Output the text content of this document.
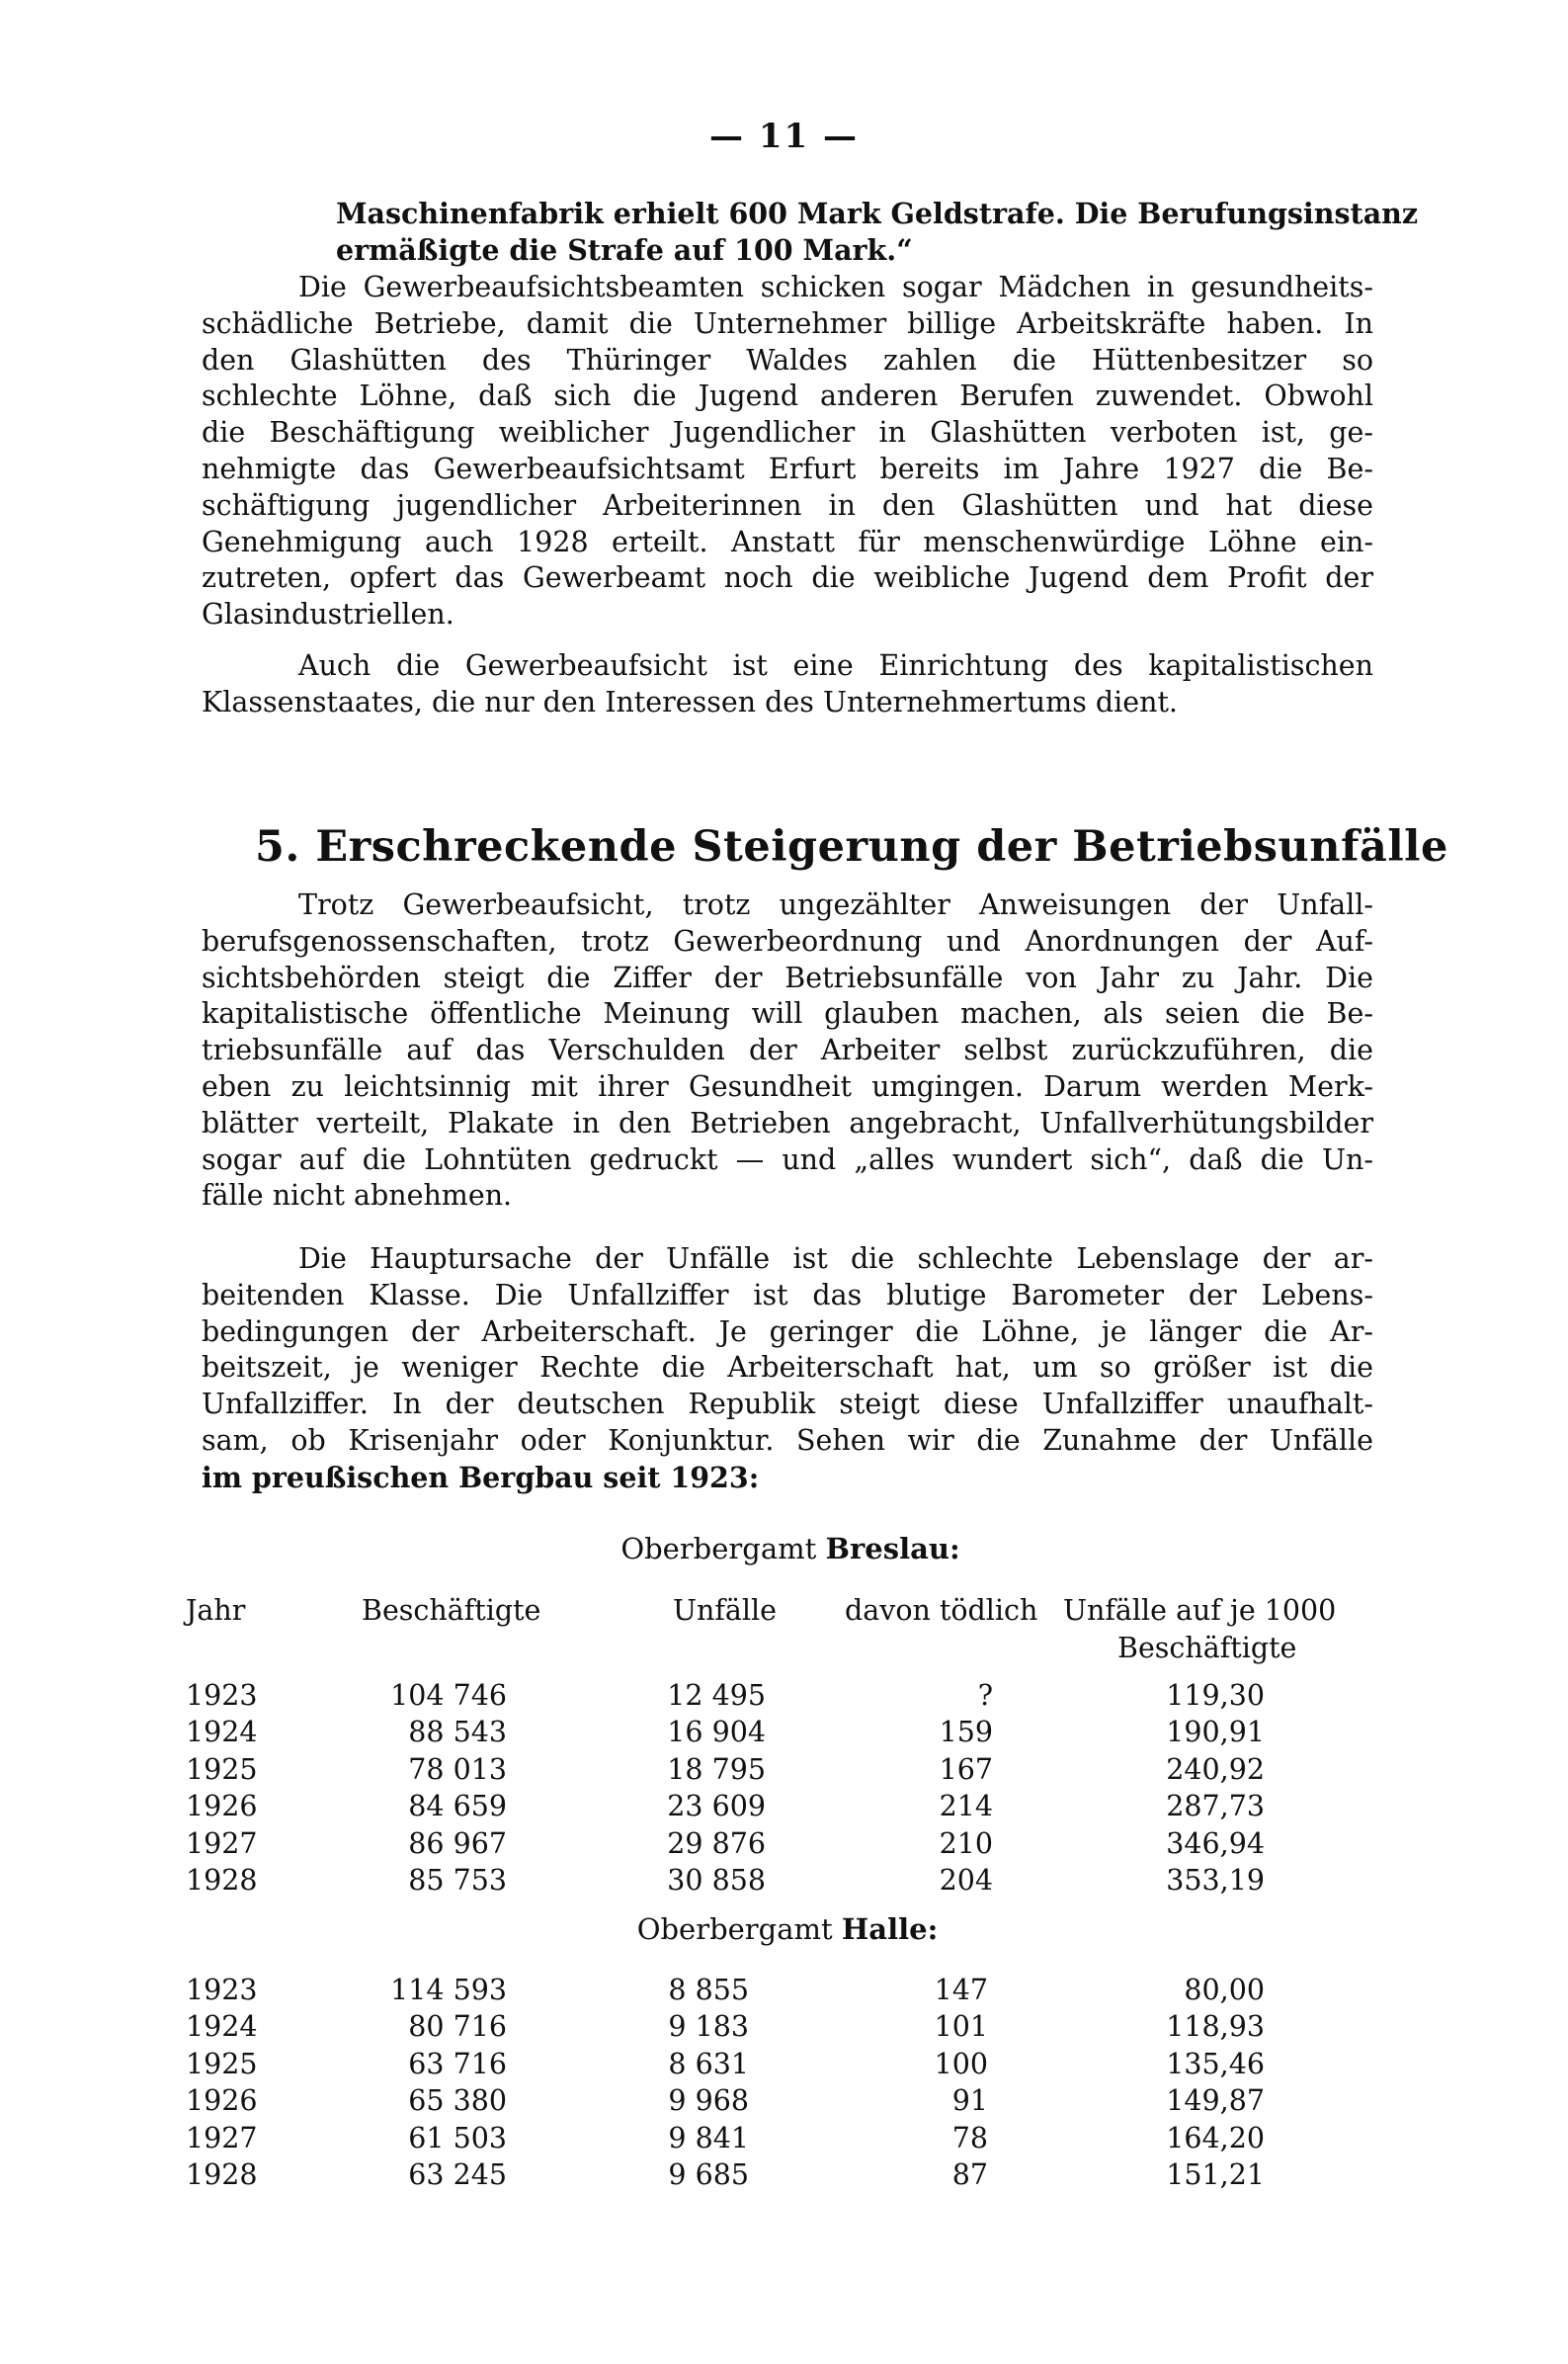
— 11 —
Maschinenfabrik erhielt 600 Mark Geldstrafe. Die Berufungsinstanz
ermäßigte die Strafe auf 100 Mark.“
Die Gewerbeaufsichtsbeamten schicken sogar Mädchen in gesundheits-
schädliche Betriebe, damit die Unternehmer billige Arbeitskräfte haben. In
den Glashütten des Thüringer Waldes zahlen die Hüttenbesitzer so
schlechte Löhne, daß sich die Jugend anderen Berufen zuwendet. Obwohl
die Beschäftigung weiblicher Jugendlicher in Glashütten verboten ist, ge-
nehmigte das Gewerbeaufsichtsamt Erfurt bereits im Jahre 1927 die Be-
schäftigung jugendlicher Arbeiterinnen in den Glashütten und hat diese
Genehmigung auch 1928 erteilt. Anstatt für menschenwürdige Löhne ein-
zutreten, opfert das Gewerbeamt noch die weibliche Jugend dem Profit der
Glasindustriellen.
Auch die Gewerbeaufsicht ist eine Einrichtung des kapitalistischen
Klassenstaates, die nur den Interessen des Unternehmertums dient.
5. Erschreckende Steigerung der Betriebsunfälle
Trotz Gewerbeaufsicht, trotz ungezählter Anweisungen der Unfall-
berufsgenossenschaften, trotz Gewerbeordnung und Anordnungen der Auf-
sichtsbehörden steigt die Ziffer der Betriebsunfälle von Jahr zu Jahr. Die
kapitalistische öffentliche Meinung will glauben machen, als seien die Be-
triebsunfälle auf das Verschulden der Arbeiter selbst zurückzuführen, die
eben zu leichtsinnig mit ihrer Gesundheit umgingen. Darum werden Merk-
blätter verteilt, Plakate in den Betrieben angebracht, Unfallverhütungsbilder
sogar auf die Lohntüten gedruckt — und „alles wundert sich“, daß die Un-
fälle nicht abnehmen.
Die Hauptursache der Unfälle ist die schlechte Lebenslage der ar-
beitenden Klasse. Die Unfallziffer ist das blutige Barometer der Lebens-
bedingungen der Arbeiterschaft. Je geringer die Löhne, je länger die Ar-
beitszeit, je weniger Rechte die Arbeiterschaft hat, um so größer ist die
Unfallziffer. In der deutschen Republik steigt diese Unfallziffer unaufhalt-
sam, ob Krisenjahr oder Konjunktur. Sehen wir die Zunahme der Unfälle
im preußischen Bergbau seit 1923:
Oberbergamt Breslau:
Jahr	Beschäftigte	Unfälle davon tödlich Unfälle auf je 1000
Beschäftigte
1923
1924
1925
1926
1927
1928
104 746
88 543
78 013
84 659
86 967
85 753
12 495
16 904
18 795
23 609
29 876
30 858
?
159
167
214
210
204
119,30
190,91
240,92
287,73
346,94
353,19
Oberbergamt Halle:
1923
1924
1925
1926
1927
1928
114 593
80 716
63 716
65 380
61 503
63 245
8 855
9 183
8 631
9 968
9 841
9 685
147
101
100
91
78
87
80,00
118,93
135,46
149,87
164,20
151,21
